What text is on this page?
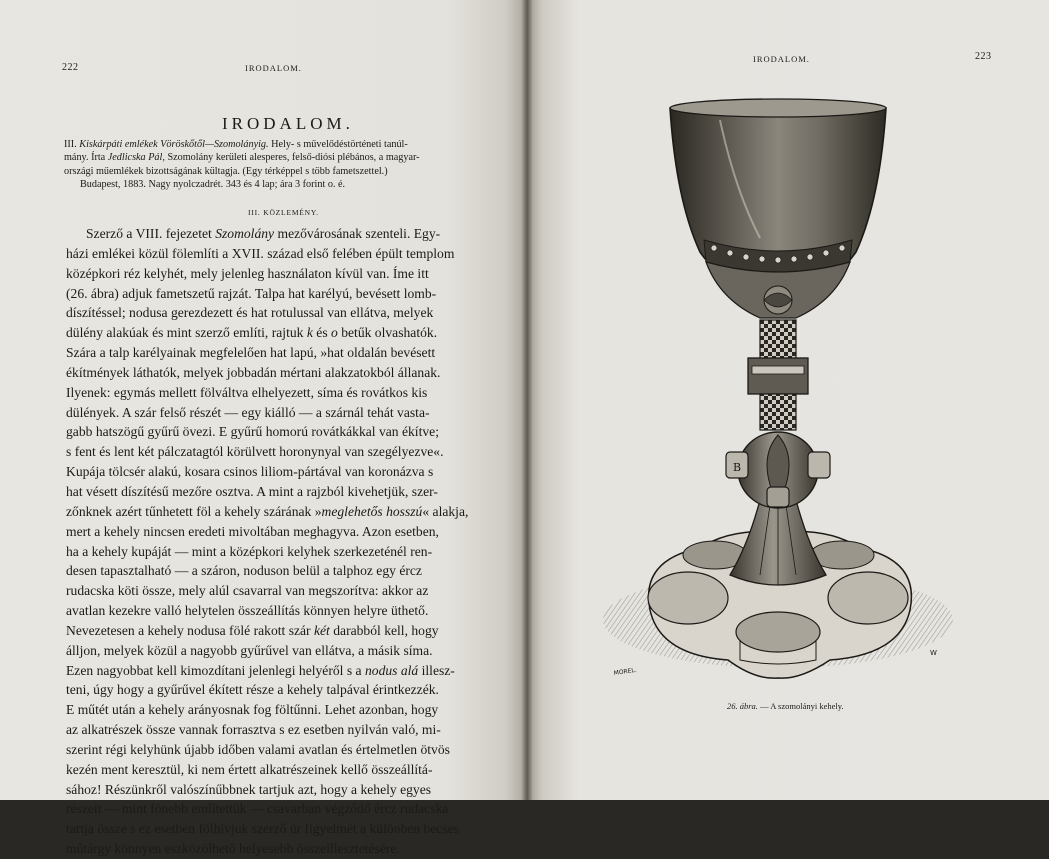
222	IRODALOM.
IRODALOM.
III. Kiskárpáti emlékek Vöröskőtől—Szomolányig. Hely- s művelődéstörténeti tanúl-
mány. Írta Jedlicska Pál, Szomolány kerületi alesperes, felső-diósi plébános, a magyar-
országi műemlékek bizottságának kültagja. (Egy térképpel s több fametszettel.)
Budapest, 1883. Nagy nyolczadrét. 343 és 4 lap; ára 3 forint o. é.
III. KÖZLEMÉNY.
Szerző a VIII. fejezetet Szomolány mezővárosának szenteli. Egy-
házi emlékei közül fölemlíti a XVII. század első felében épült templom
középkori réz kelyhét, mely jelenleg használaton kívül van. Íme itt
(26. ábra) adjuk fametszetű rajzát. Talpa hat karélyú, bevésett lomb-
díszítéssel; nodusa gerezdezett és hat rotulussal van ellátva, melyek
dülény alakúak és mint szerző említi, rajtuk k és o betűk olvashatók.
Szára a talp karélyainak megfelelően hat lapú, »hat oldalán bevésett
ékítmények láthatók, melyek jobbadán mértani alakzatokból állanak.
Ilyenek: egymás mellett fölváltva elhelyezett, síma és rovátkos kis
dülények. A szár felső részét — egy kiálló — a szárnál tehát vasta-
gabb hatszögű gyűrű övezi. E gyűrű homorú rovátkákkal van ékítve;
s fent és lent két pálczatagtól körülvett horonynyal van szegélyezve«.
Kupája tölcsér alakú, kosara csinos liliom-pártával van koronázva s
hat vésett díszítésű mezőre osztva. A mint a rajzból kivehetjük, szer-
zőnknek azért tűnhetett föl a kehely szárának »meglehetős hosszú« alakja,
mert a kehely nincsen eredeti mivoltában meghagyva. Azon esetben,
ha a kehely kupáját — mint a középkori kelyhek szerkezeténél ren-
desen tapasztalható — a száron, noduson belül a talphoz egy ércz
rudacska köti össze, mely alúl csavarral van megszorítva: akkor az
avatlan kezekre valló helytelen összeállítás könnyen helyre üthető.
Nevezetesen a kehely nodusa fölé rakott szár két darabból kell, hogy
álljon, melyek közül a nagyobb gyűrűvel van ellátva, a másik síma.
Ezen nagyobbat kell kimozdítani jelenlegi helyéről s a nodus alá illesz-
teni, úgy hogy a gyűrűvel ékített része a kehely talpával érintkezzék.
E műtét után a kehely arányosnak fog föltűnni. Lehet azonban, hogy
az alkatrészek össze vannak forrasztva s ez esetben nyilván való, mi-
szerint régi kelyhünk újabb időben valami avatlan és értelmetlen ötvös
kezén ment keresztül, ki nem értett alkatrészeinek kellő összeállítá-
sához! Részünkről valószínűbbnek tartjuk azt, hogy a kehely egyes
részeit — mint fönebb említettük — csavarban végződő ércz rudacska
tartja össze s ez esetben fölhívjuk szerző úr figyelmét a különben becses
műtárgy könnyen eszközölhető helyesebb összeillesztetésére.
IRODALOM.	223
26. ábra. — A szomolányi kehely.
B
MOREL.
W
